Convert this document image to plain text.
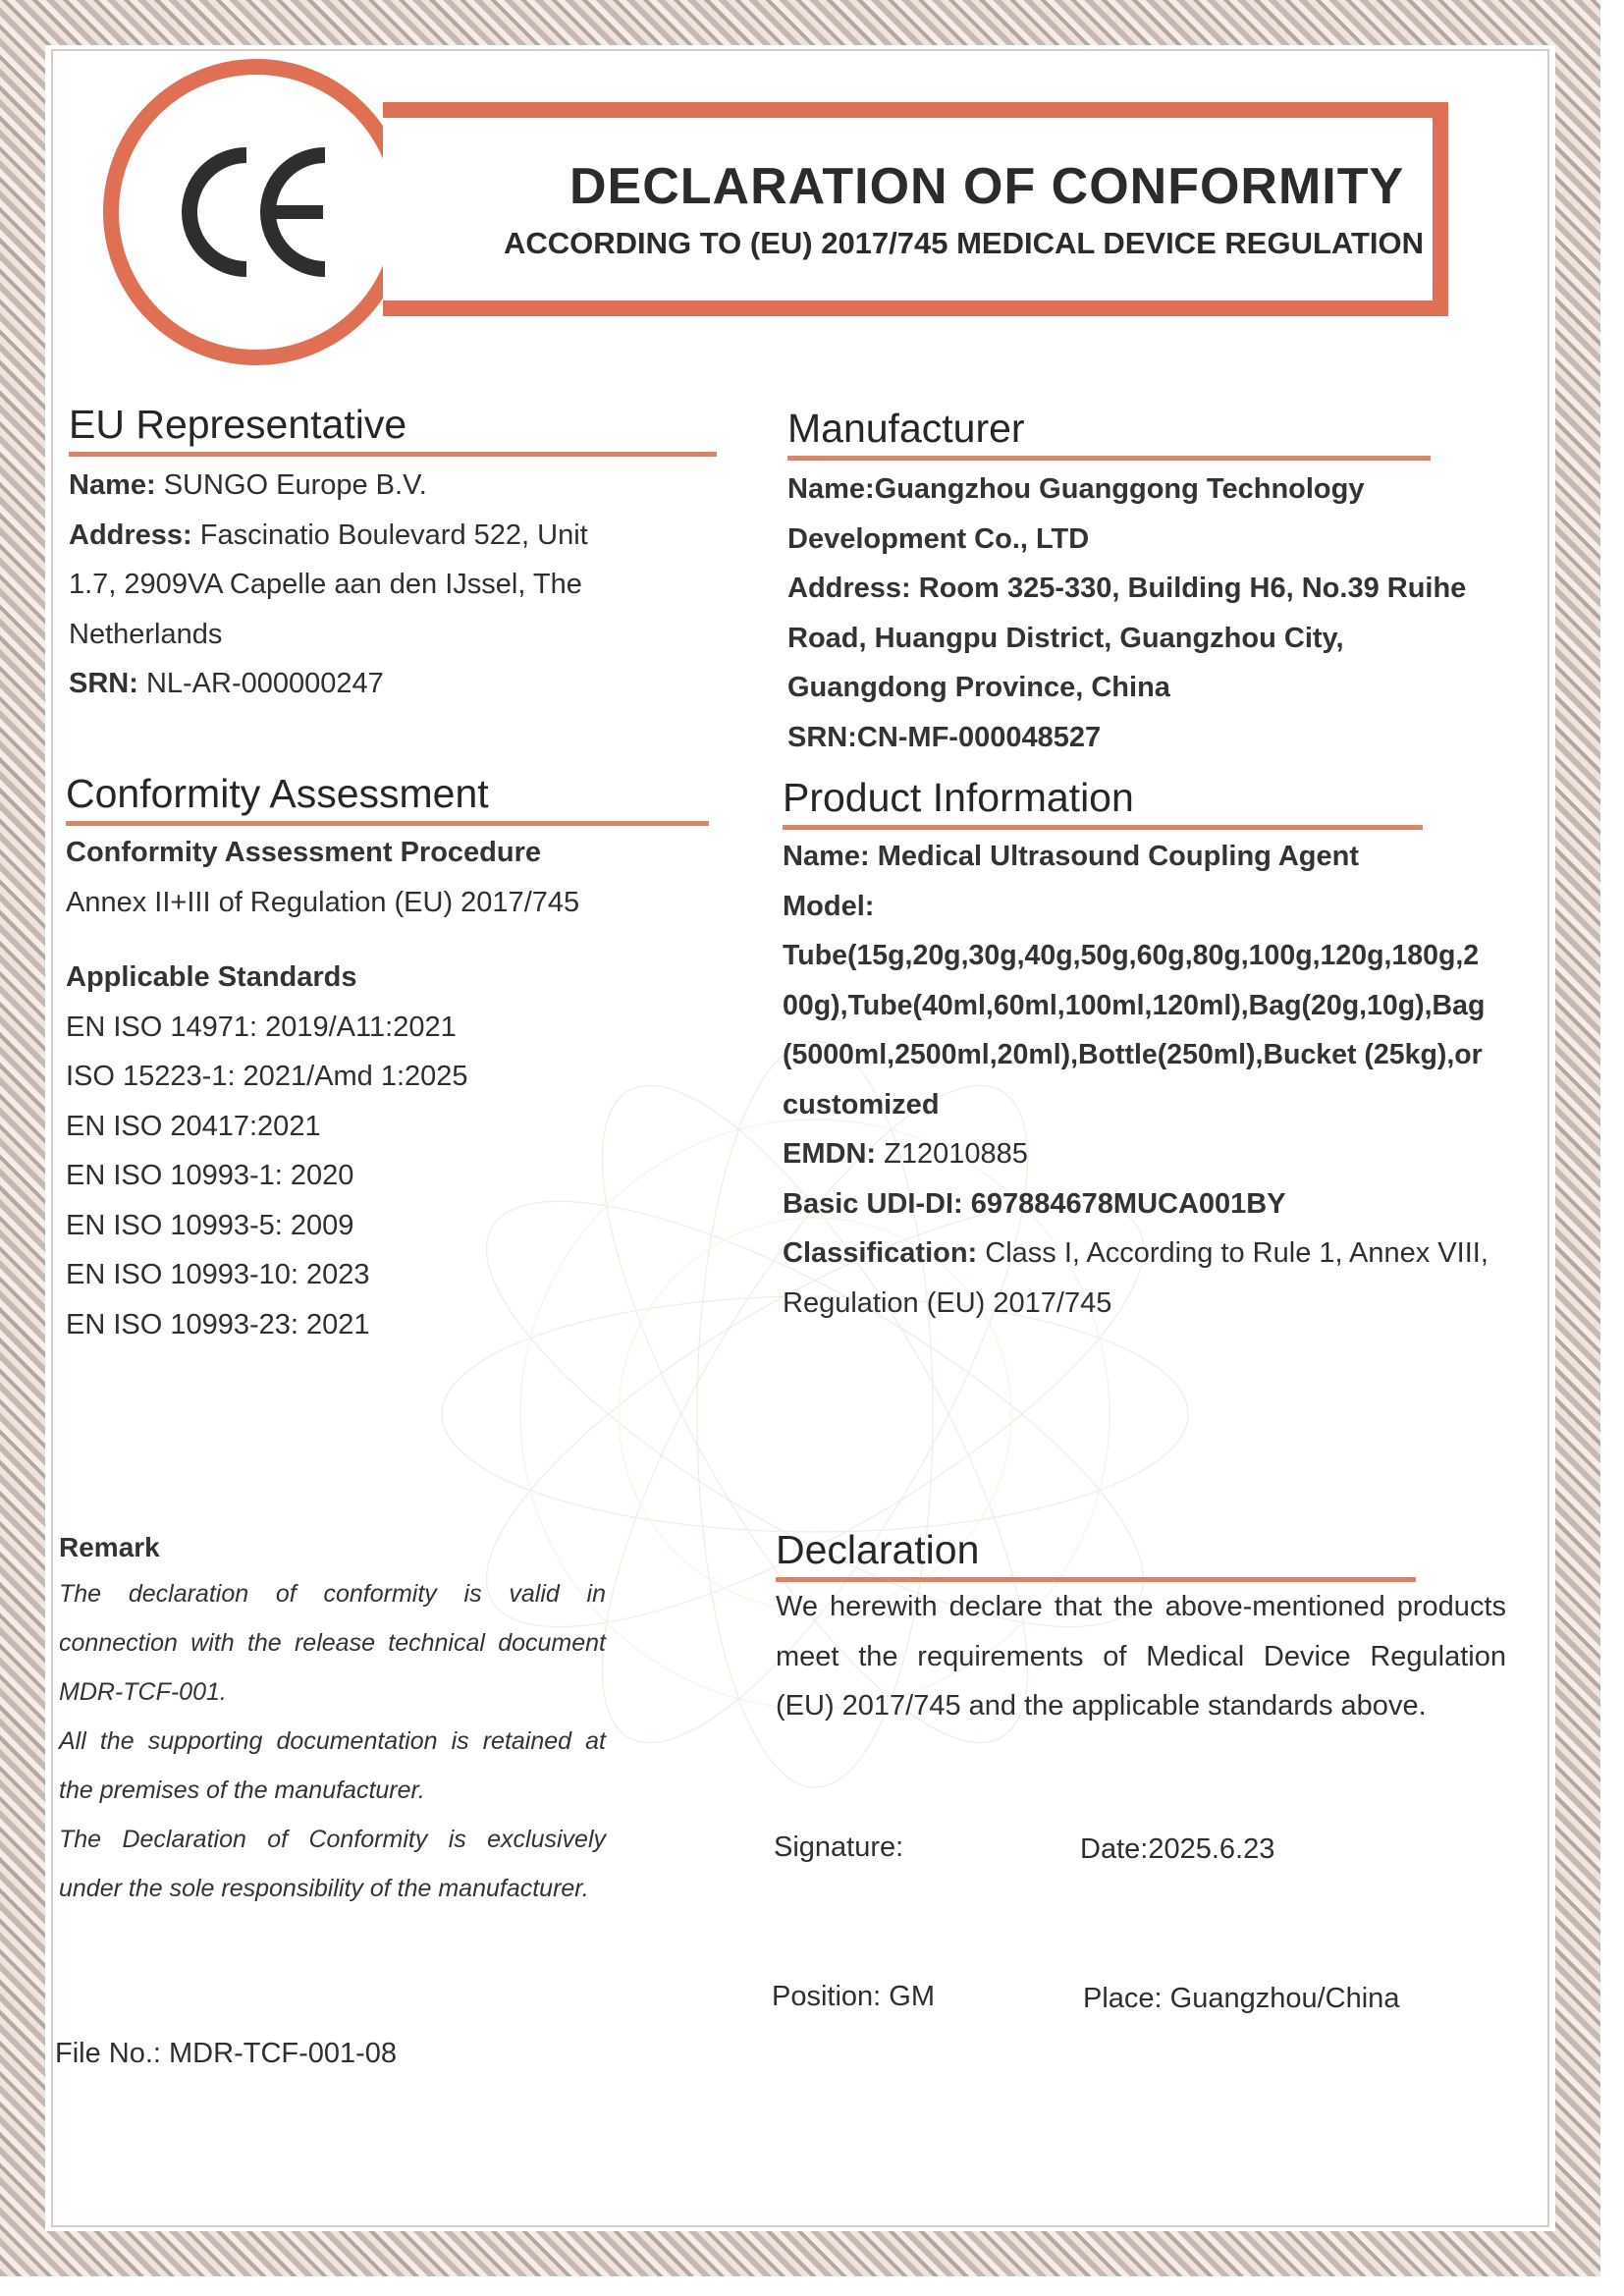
DECLARATION OF CONFORMITY

ACCORDING TO (EU) 2017/745 MEDICAL DEVICE REGULATION

EU Representative

Name: SUNGO Europe B.V.

Address: Fascinatio Boulevard 522, Unit

1.7, 2909VA Capelle aan den IJssel, The

Netherlands

SRN: NL-AR-000000247

Manufacturer

Name:Guangzhou Guanggong Technology

Development Co., LTD

Address: Room 325-330, Building H6, No.39 Ruihe

Road, Huangpu District, Guangzhou City,

Guangdong Province, China

SRN:CN-MF-000048527

Conformity Assessment

Conformity Assessment Procedure

Annex II+III of Regulation (EU) 2017/745

Applicable Standards

EN ISO 14971: 2019/A11:2021

ISO 15223-1: 2021/Amd 1:2025

EN ISO 20417:2021

EN ISO 10993-1: 2020

EN ISO 10993-5: 2009

EN ISO 10993-10: 2023

EN ISO 10993-23: 2021

Product Information

Name: Medical Ultrasound Coupling Agent

Model:

Tube(15g,20g,30g,40g,50g,60g,80g,100g,120g,180g,2

00g),Tube(40ml,60ml,100ml,120ml),Bag(20g,10g),Bag

(5000ml,2500ml,20ml),Bottle(250ml),Bucket (25kg),or

customized

EMDN: Z12010885

Basic UDI-DI: 697884678MUCA001BY

Classification: Class I, According to Rule 1, Annex VIII,

Regulation (EU) 2017/745

Remark

The declaration of conformity is valid in

connection with the release technical document

MDR-TCF-001.

All the supporting documentation is retained at

the premises of the manufacturer.

The Declaration of Conformity is exclusively

under the sole responsibility of the manufacturer.

Declaration

We herewith declare that the above-mentioned products

meet the requirements of Medical Device Regulation

(EU) 2017/745 and the applicable standards above.

Signature:	Date:2025.6.23

Position: GM	Place: Guangzhou/China

File No.: MDR-TCF-001-08
